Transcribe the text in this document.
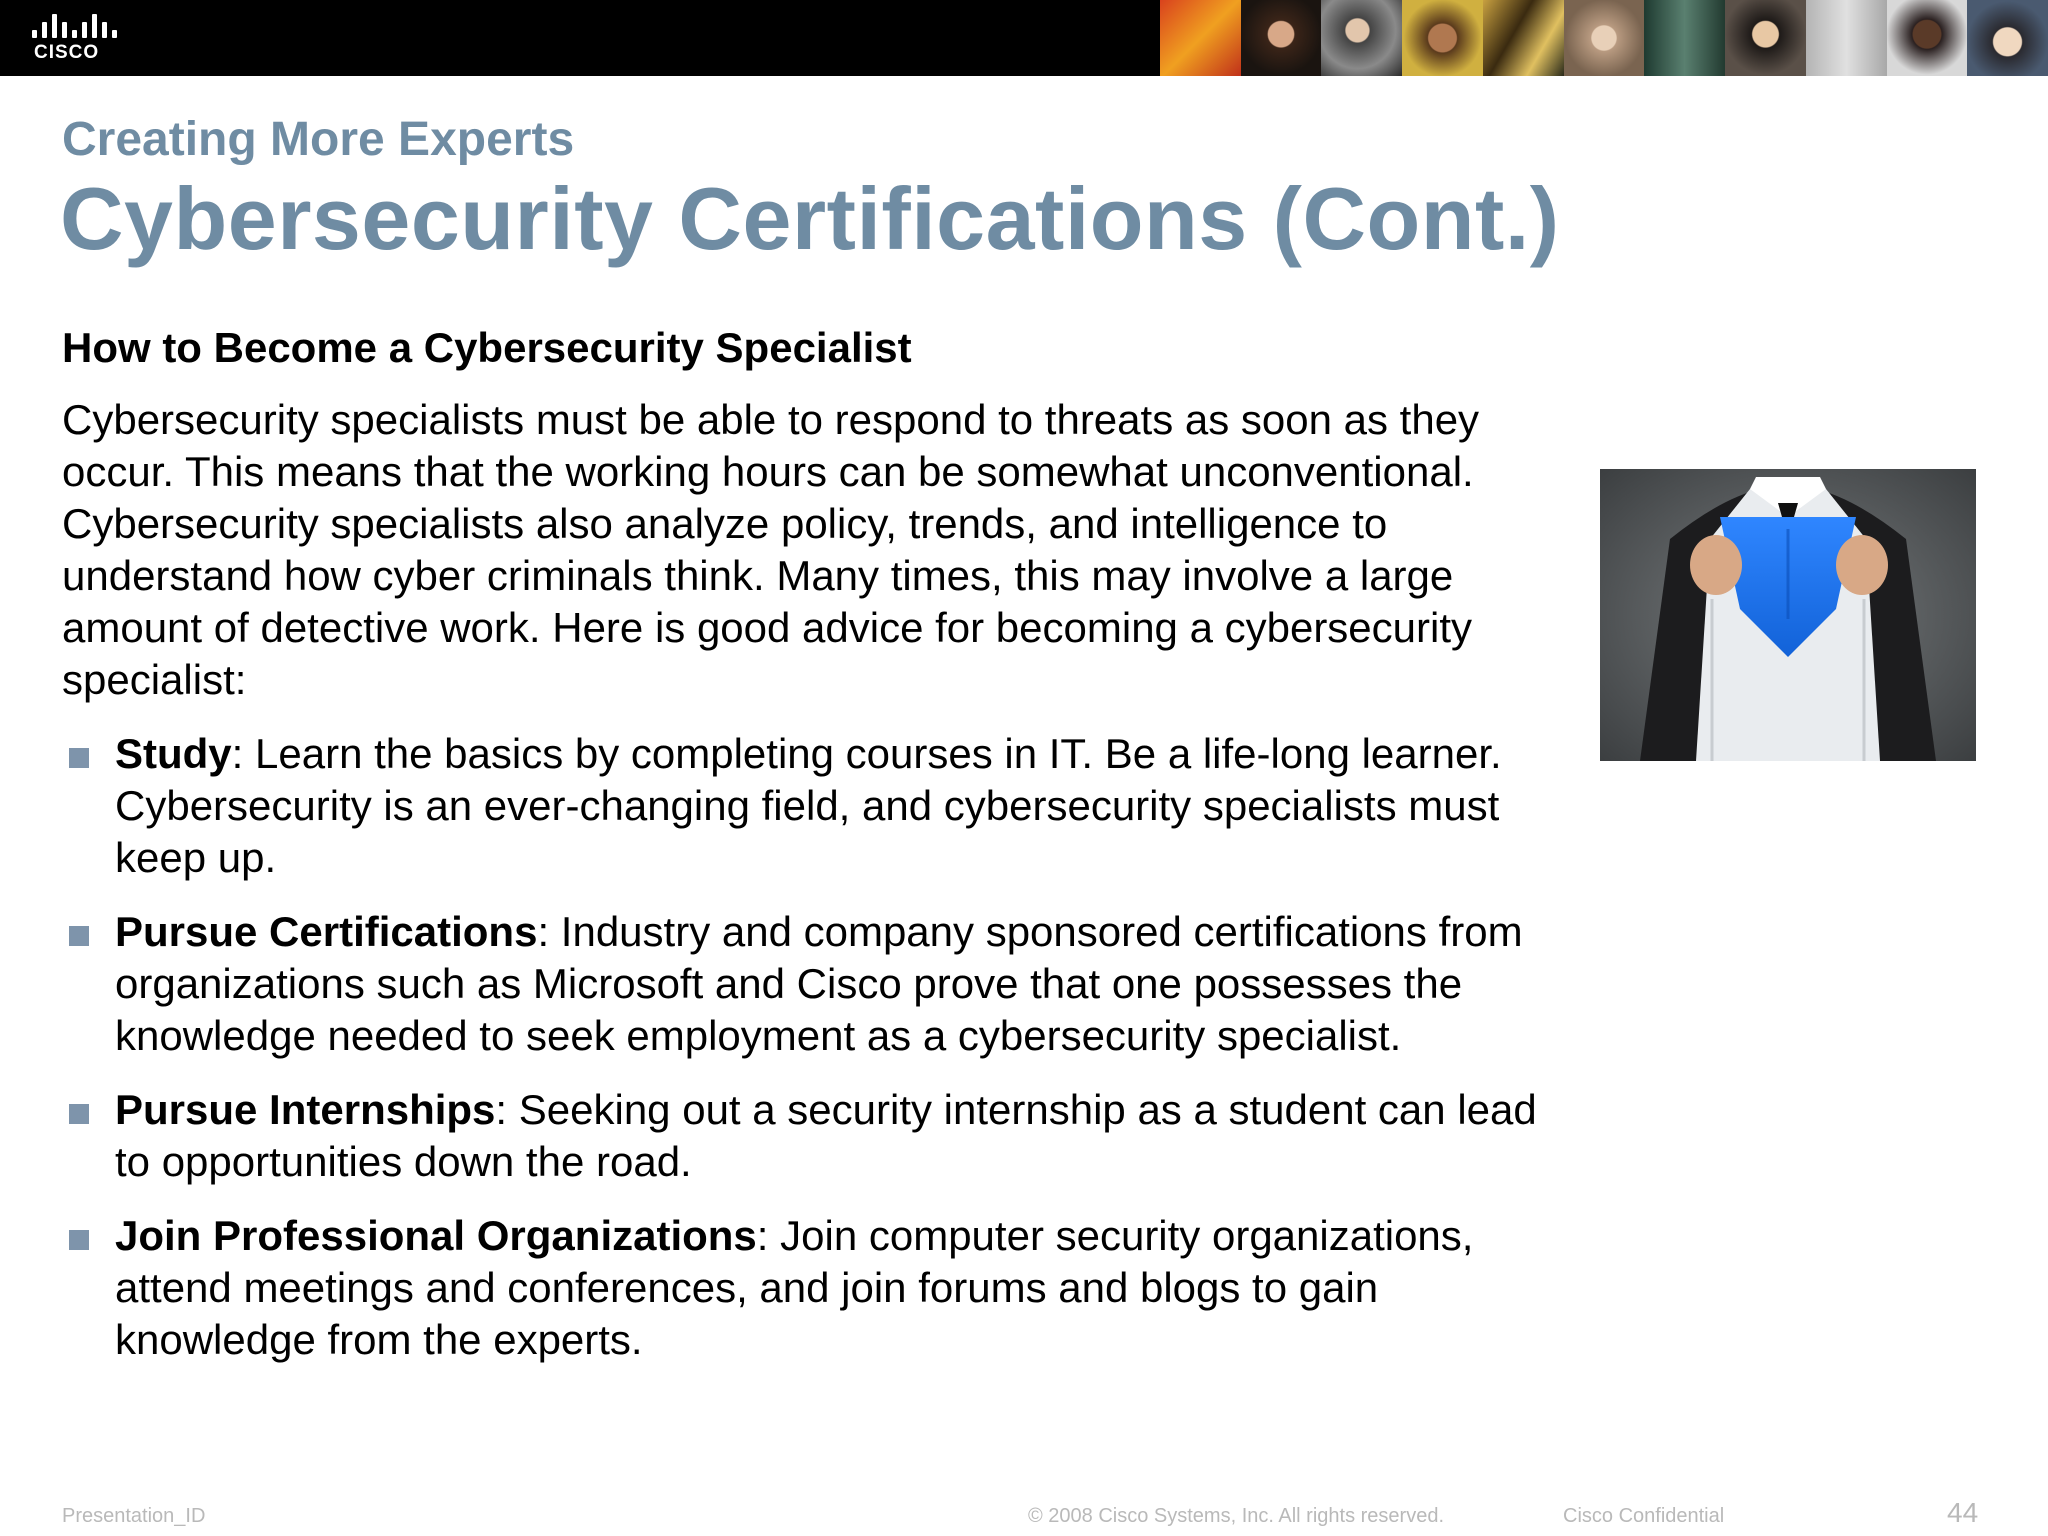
CISCO
Creating More Experts
Cybersecurity Certifications (Cont.)
How to Become a Cybersecurity Specialist
Cybersecurity specialists must be able to respond to threats as soon as they occur. This means that the working hours can be somewhat unconventional. Cybersecurity specialists also analyze policy, trends, and intelligence to understand how cyber criminals think. Many times, this may involve a large amount of detective work. Here is good advice for becoming a cybersecurity specialist:
Study: Learn the basics by completing courses in IT. Be a life-long learner. Cybersecurity is an ever-changing field, and cybersecurity specialists must keep up.
Pursue Certifications: Industry and company sponsored certifications from organizations such as Microsoft and Cisco prove that one possesses the knowledge needed to seek employment as a cybersecurity specialist.
Pursue Internships: Seeking out a security internship as a student can lead to opportunities down the road.
Join Professional Organizations: Join computer security organizations, attend meetings and conferences, and join forums and blogs to gain knowledge from the experts.
Presentation_ID	© 2008 Cisco Systems, Inc. All rights reserved.	Cisco Confidential	44
